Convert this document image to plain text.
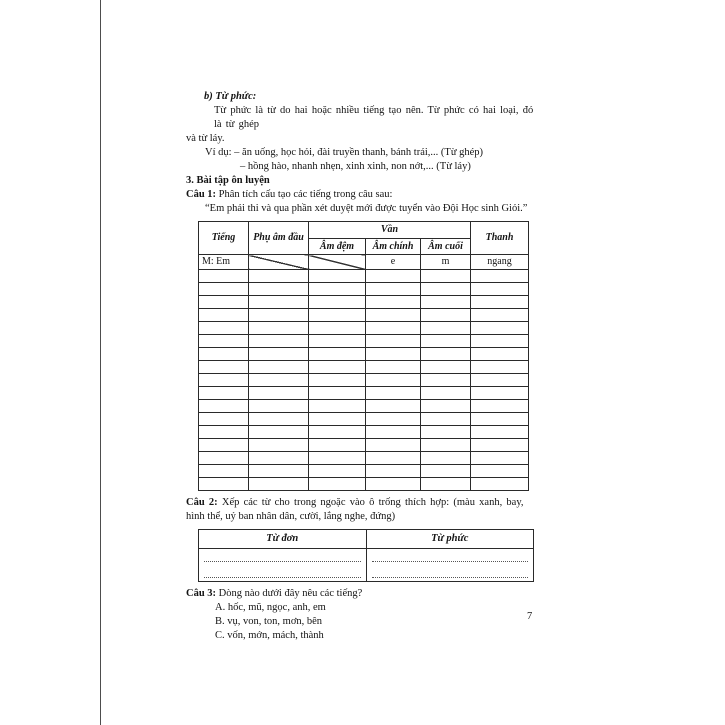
b) Từ phức:
Từ phức là từ do hai hoặc nhiều tiếng tạo nên. Từ phức có hai loại, đó là từ ghép
và từ láy.
Ví dụ: – ăn uống, học hỏi, đài truyền thanh, bánh trái,... (Từ ghép)
– hồng hào, nhanh nhẹn, xinh xinh, non nớt,... (Từ láy)
3. Bài tập ôn luyện
Câu 1: Phân tích cấu tạo các tiếng trong câu sau:
“Em phải thi và qua phần xét duyệt mới được tuyển vào Đội Học sinh Giỏi.”
Tiếng	Phụ âm đầu	Vần			Thanh
		Âm đệm	Âm chính	Âm cuối	
M: Em			e	m	ngang

Câu 2: Xếp các từ cho trong ngoặc vào ô trống thích hợp: (màu xanh, bay,
hình thể, uỷ ban nhân dân, cười, lắng nghe, đứng)
Từ đơn	Từ phức

Câu 3: Dòng nào dưới đây nêu các tiếng?
A. hốc, mũ, ngọc, anh, em
B. vụ, von, ton, mơn, bên
C. vốn, mớn, mách, thành
7
